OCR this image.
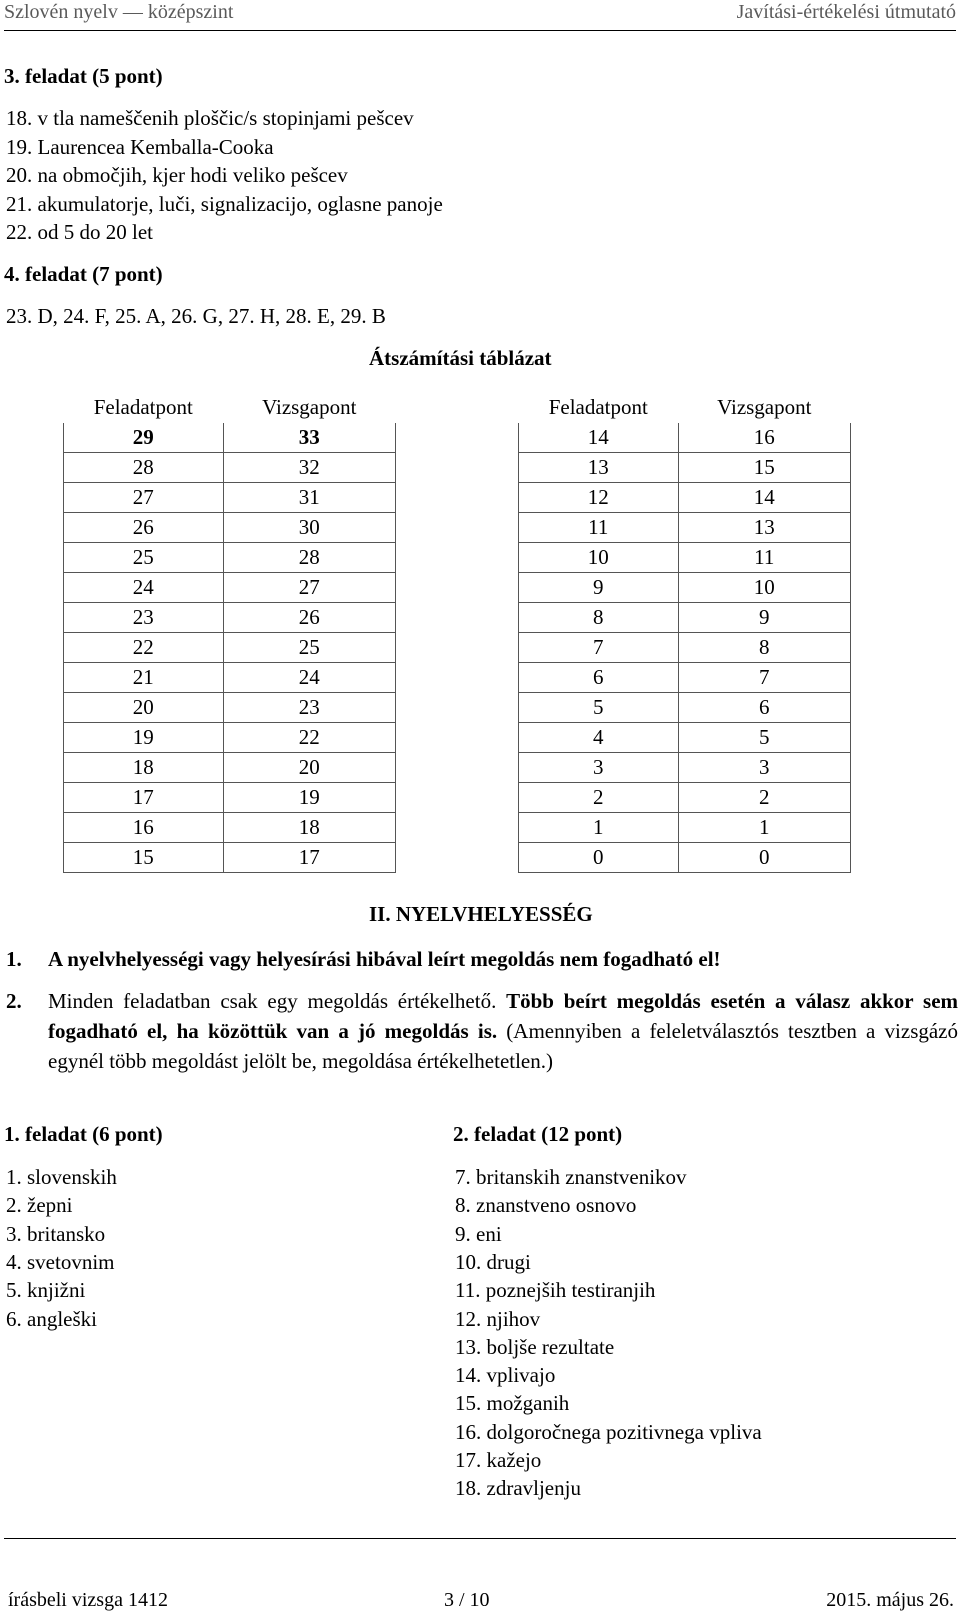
Szlovén nyelv — középszint	Javítási-értékelési útmutató
3. feladat (5 pont)
18. v tla nameščenih ploščic/s stopinjami pešcev
19. Laurencea Kemballa-Cooka
20. na območjih, kjer hodi veliko pešcev
21. akumulatorje, luči, signalizacijo, oglasne panoje
22. od 5 do 20 let
4. feladat (7 pont)
23. D, 24. F, 25. A, 26. G, 27. H, 28. E, 29. B
Átszámítási táblázat
Feladatpont	Vizsgapont
29	33
28	32
27	31
26	30
25	28
24	27
23	26
22	25
21	24
20	23
19	22
18	20
17	19
16	18
15	17
Feladatpont	Vizsgapont
14	16
13	15
12	14
11	13
10	11
9	10
8	9
7	8
6	7
5	6
4	5
3	3
2	2
1	1
0	0
II. NYELVHELYESSÉG
1. A nyelvhelyességi vagy helyesírási hibával leírt megoldás nem fogadható el!
2. Minden feladatban csak egy megoldás értékelhető. Több beírt megoldás esetén a válasz akkor sem fogadható el, ha közöttük van a jó megoldás is. (Amennyiben a feleletválasztós tesztben a vizsgázó egynél több megoldást jelölt be, megoldása értékelhetetlen.)
1. feladat (6 pont)	2. feladat (12 pont)
1. slovenskih
2. žepni
3. britansko
4. svetovnim
5. knjižni
6. angleški
7. britanskih znanstvenikov
8. znanstveno osnovo
9. eni
10. drugi
11. poznejših testiranjih
12. njihov
13. boljše rezultate
14. vplivajo
15. možganih
16. dolgoročnega pozitivnega vpliva
17. kažejo
18. zdravljenju
írásbeli vizsga 1412	3 / 10	2015. május 26.
